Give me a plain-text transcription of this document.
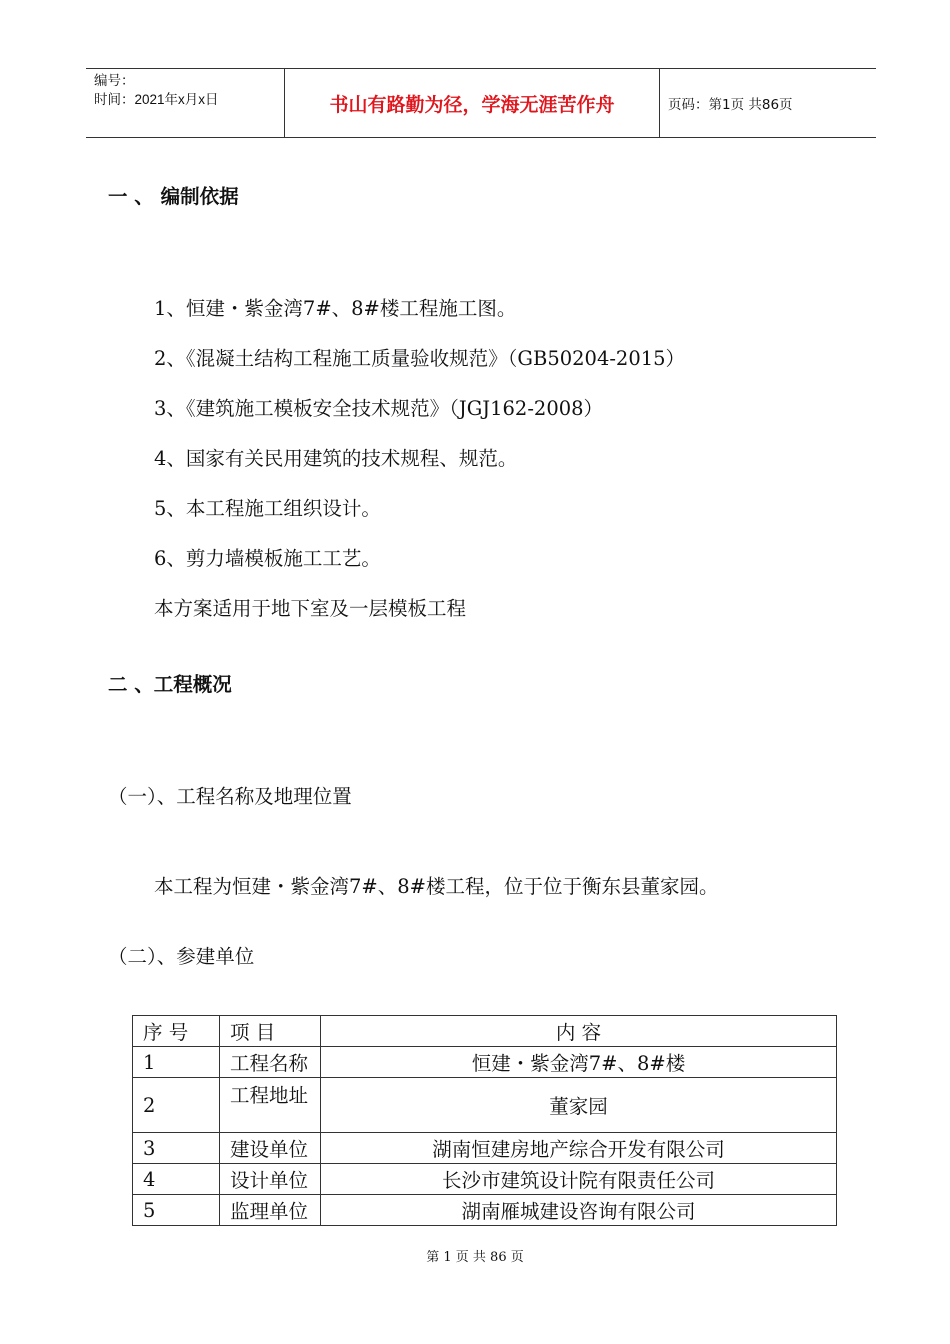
编号：
时间：2021年x月x日	书山有路勤为径，学海无涯苦作舟	页码：第1页 共86页
一 、 编制依据
1、恒建・紫金湾7#、8#楼工程施工图。
2、《混凝土结构工程施工质量验收规范》（GB50204-2015）
3、《建筑施工模板安全技术规范》（JGJ162-2008）
4、国家有关民用建筑的技术规程、规范。
5、本工程施工组织设计。
6、剪力墙模板施工工艺。
本方案适用于地下室及一层模板工程
二 、工程概况
（一）、工程名称及地理位置
本工程为恒建・紫金湾7#、8#楼工程，位于位于衡东县董家园。
（二）、参建单位
序 号	项 目	内 容
1	工程名称	恒建・紫金湾7#、8#楼
2	工程地址	董家园
3	建设单位	湖南恒建房地产综合开发有限公司
4	设计单位	长沙市建筑设计院有限责任公司
5	监理单位	湖南雁城建设咨询有限公司
第 1 页 共 86 页
